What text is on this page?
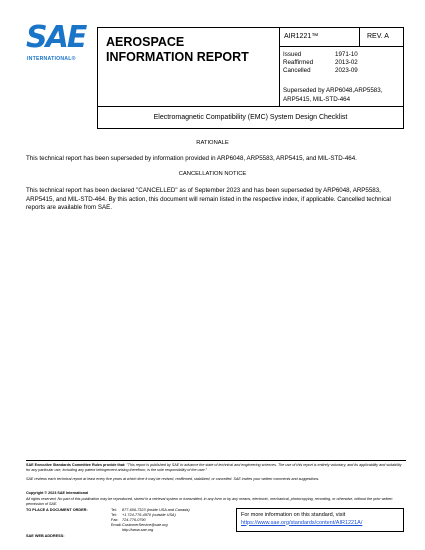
SAE
INTERNATIONAL®
AEROSPACE
INFORMATION REPORT
AIR1221™	REV. A
Issued	1971-10
Reaffirmed	2013-02
Cancelled	2023-09
Superseded by ARP6048,ARP5583, ARP5415, MIL-STD-464
Electromagnetic Compatibility (EMC) System Design Checklist
RATIONALE
This technical report has been superseded by information provided in ARP6048, ARP5583, ARP5415, and MIL-STD-464.
CANCELLATION NOTICE
This technical report has been declared "CANCELLED" as of September 2023 and has been superseded by ARP6048, ARP5583, ARP5415, and MIL-STD-464. By this action, this document will remain listed in the respective index, if applicable. Cancelled technical reports are available from SAE.
SAE Executive Standards Committee Rules provide that: "This report is published by SAE to advance the state of technical and engineering sciences. The use of this report is entirely voluntary, and its applicability and suitability for any particular use, including any patent infringement arising therefrom, is the sole responsibility of the user."
SAE reviews each technical report at least every five years at which time it may be revised, reaffirmed, stabilized, or cancelled. SAE invites your written comments and suggestions.
Copyright © 2023 SAE International
All rights reserved. No part of this publication may be reproduced, stored in a retrieval system or transmitted, in any form or by any means, electronic, mechanical, photocopying, recording, or otherwise, without the prior written permission of SAE.
TO PLACE A DOCUMENT ORDER:	Tel: 877-606-7323 (inside USA and Canada)
Tel: +1 724-776-4970 (outside USA)
Fax: 724-776-0790
Email: CustomerService@sae.org
http://www.sae.org
For more information on this standard, visit
https://www.sae.org/standards/content/AIR1221A/
SAE WEB ADDRESS:
